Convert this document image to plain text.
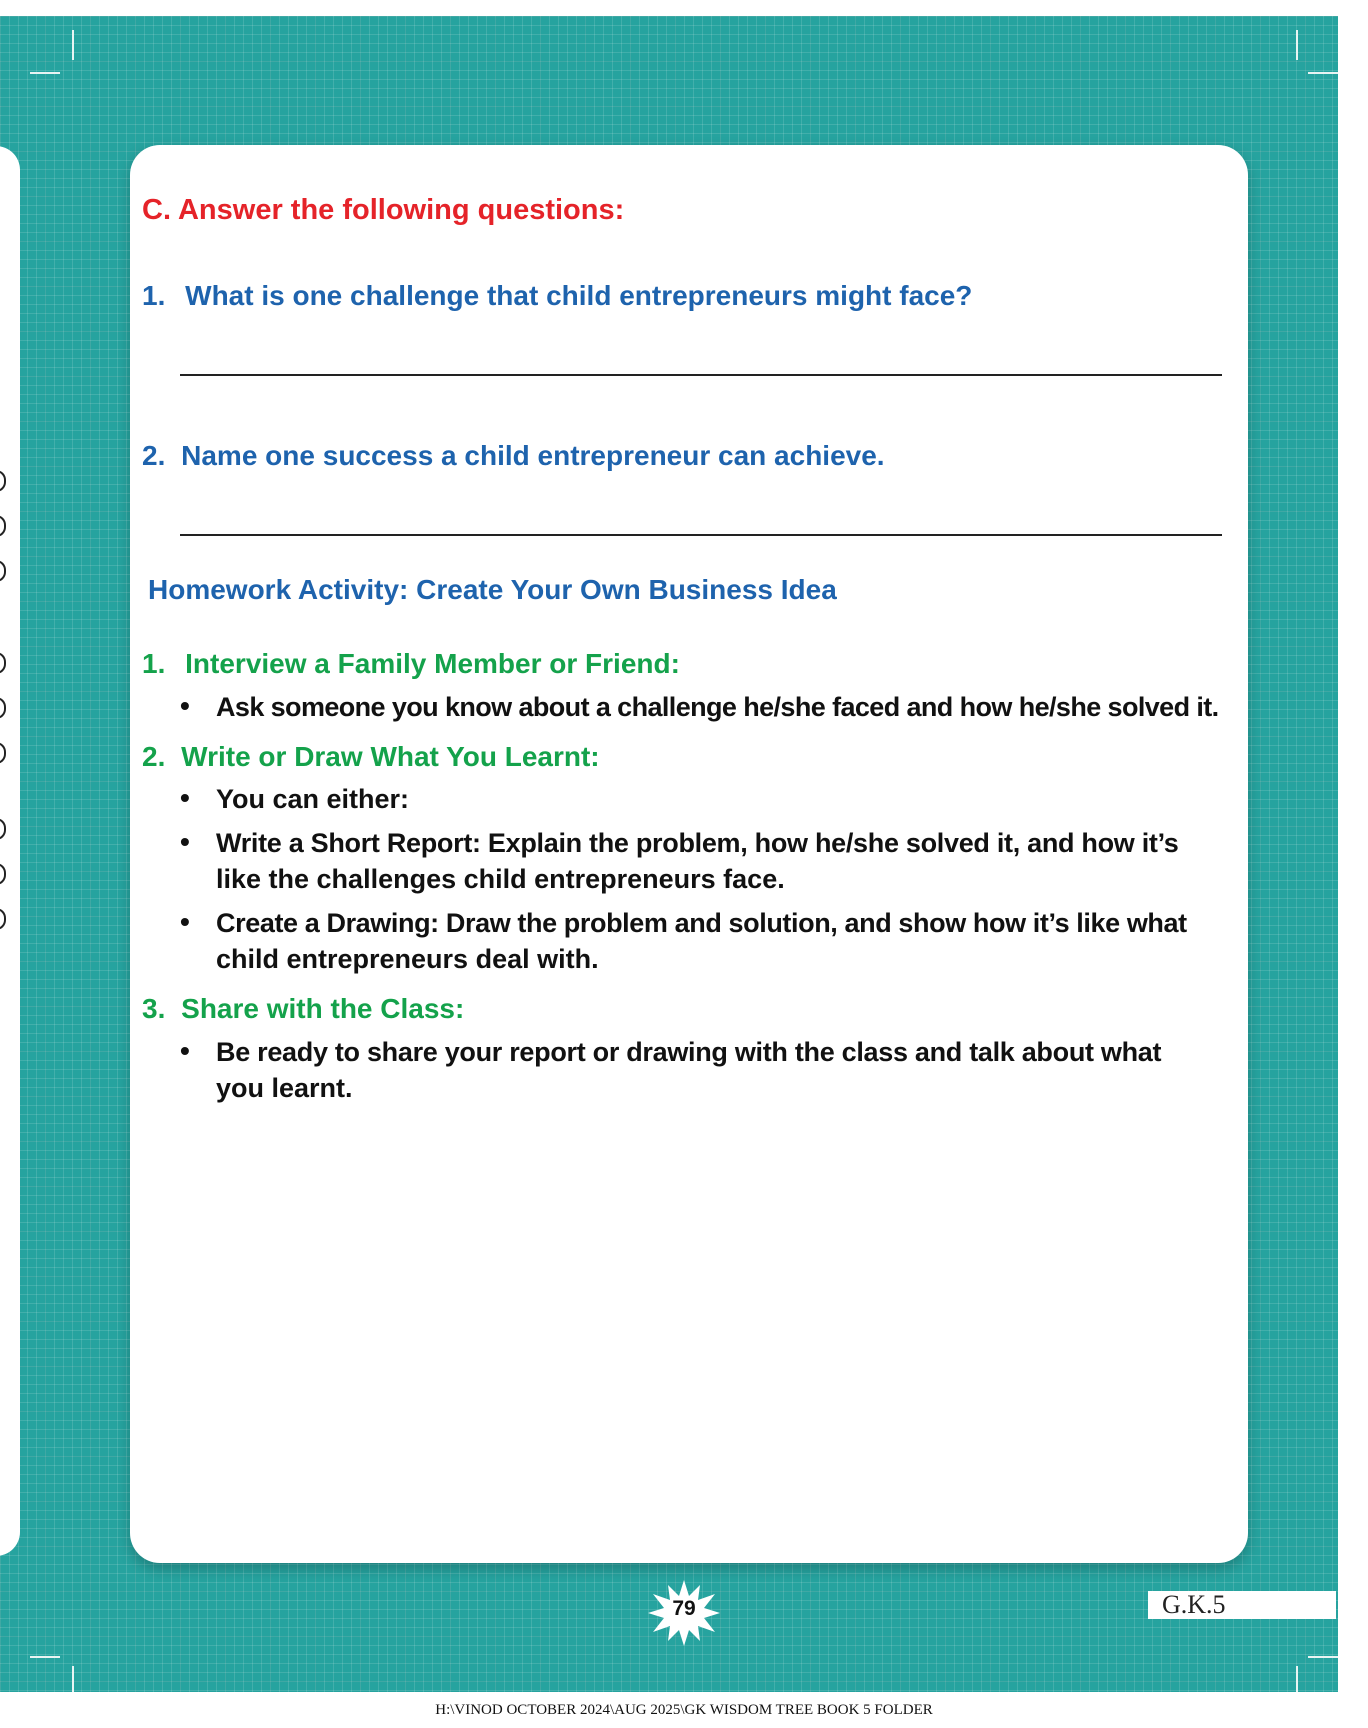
C. Answer the following questions:

1. What is one challenge that child entrepreneurs might face?

2. Name one success a child entrepreneur can achieve.

Homework Activity: Create Your Own Business Idea

1. Interview a Family Member or Friend:

• Ask someone you know about a challenge he/she faced and how he/she solved it.

2. Write or Draw What You Learnt:

• You can either:

• Write a Short Report: Explain the problem, how he/she solved it, and how it’s

like the challenges child entrepreneurs face.

• Create a Drawing: Draw the problem and solution, and show how it’s like what

child entrepreneurs deal with.

3. Share with the Class:

• Be ready to share your report or drawing with the class and talk about what

you learnt.

79	G.K.5
H:\VINOD OCTOBER 2024\AUG 2025\GK WISDOM TREE BOOK 5 FOLDER
